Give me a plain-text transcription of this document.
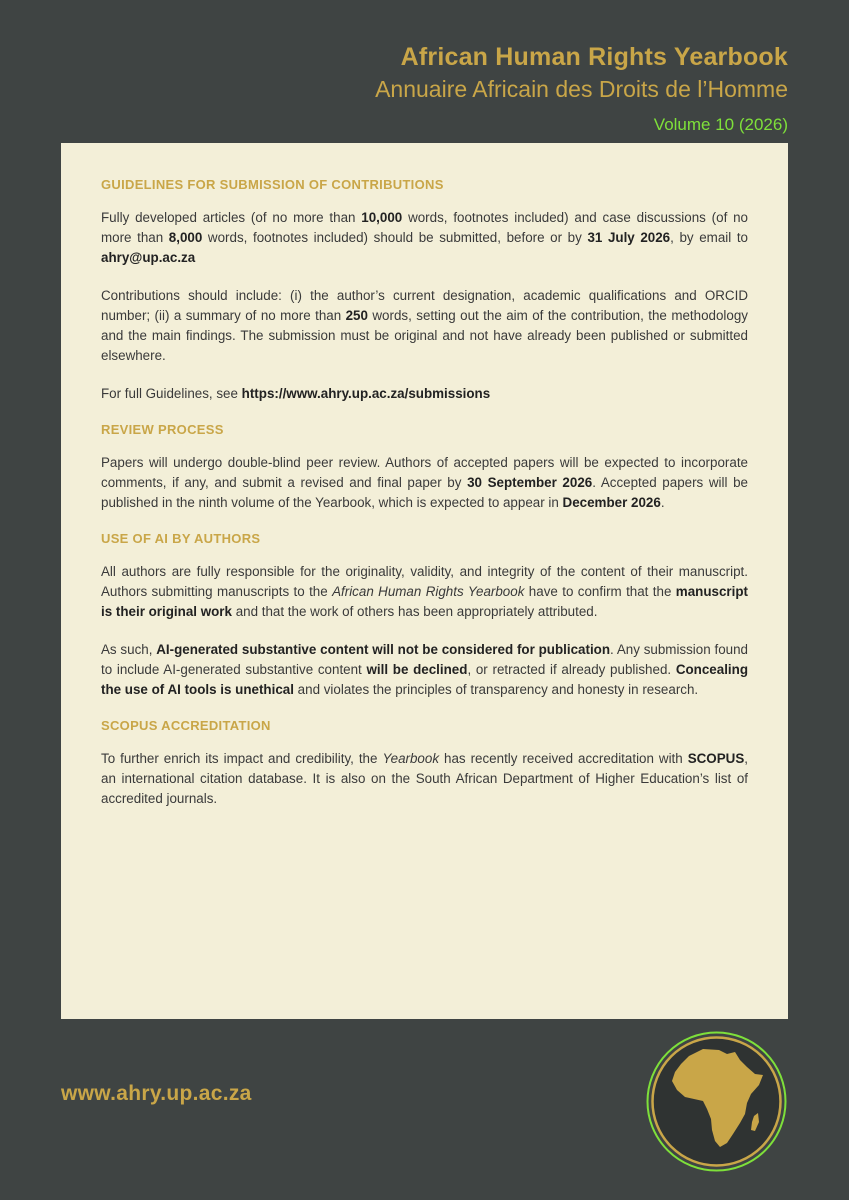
African Human Rights Yearbook
Annuaire Africain des Droits de l’Homme
Volume 10 (2026)
GUIDELINES FOR SUBMISSION OF CONTRIBUTIONS

Fully developed articles (of no more than 10,000 words, footnotes included) and case discussions (of no more than 8,000 words, footnotes included) should be submitted, before or by 31 July 2026, by email to ahry@up.ac.za

Contributions should include: (i) the author’s current designation, academic qualifications and ORCID number; (ii) a summary of no more than 250 words, setting out the aim of the contribution, the methodology and the main findings. The submission must be original and not have already been published or submitted elsewhere.

For full Guidelines, see https://www.ahry.up.ac.za/submissions

REVIEW PROCESS

Papers will undergo double-blind peer review. Authors of accepted papers will be expected to incorporate comments, if any, and submit a revised and final paper by 30 September 2026. Accepted papers will be published in the ninth volume of the Yearbook, which is expected to appear in December 2026.

USE OF AI BY AUTHORS

All authors are fully responsible for the originality, validity, and integrity of the content of their manuscript. Authors submitting manuscripts to the African Human Rights Yearbook have to confirm that the manuscript is their original work and that the work of others has been appropriately attributed.

As such, AI-generated substantive content will not be considered for publication. Any submission found to include AI-generated substantive content will be declined, or retracted if already published. Concealing the use of AI tools is unethical and violates the principles of transparency and honesty in research.

SCOPUS ACCREDITATION

To further enrich its impact and credibility, the Yearbook has recently received accreditation with SCOPUS, an international citation database. It is also on the South African Department of Higher Education’s list of accredited journals.

www.ahry.up.ac.za
